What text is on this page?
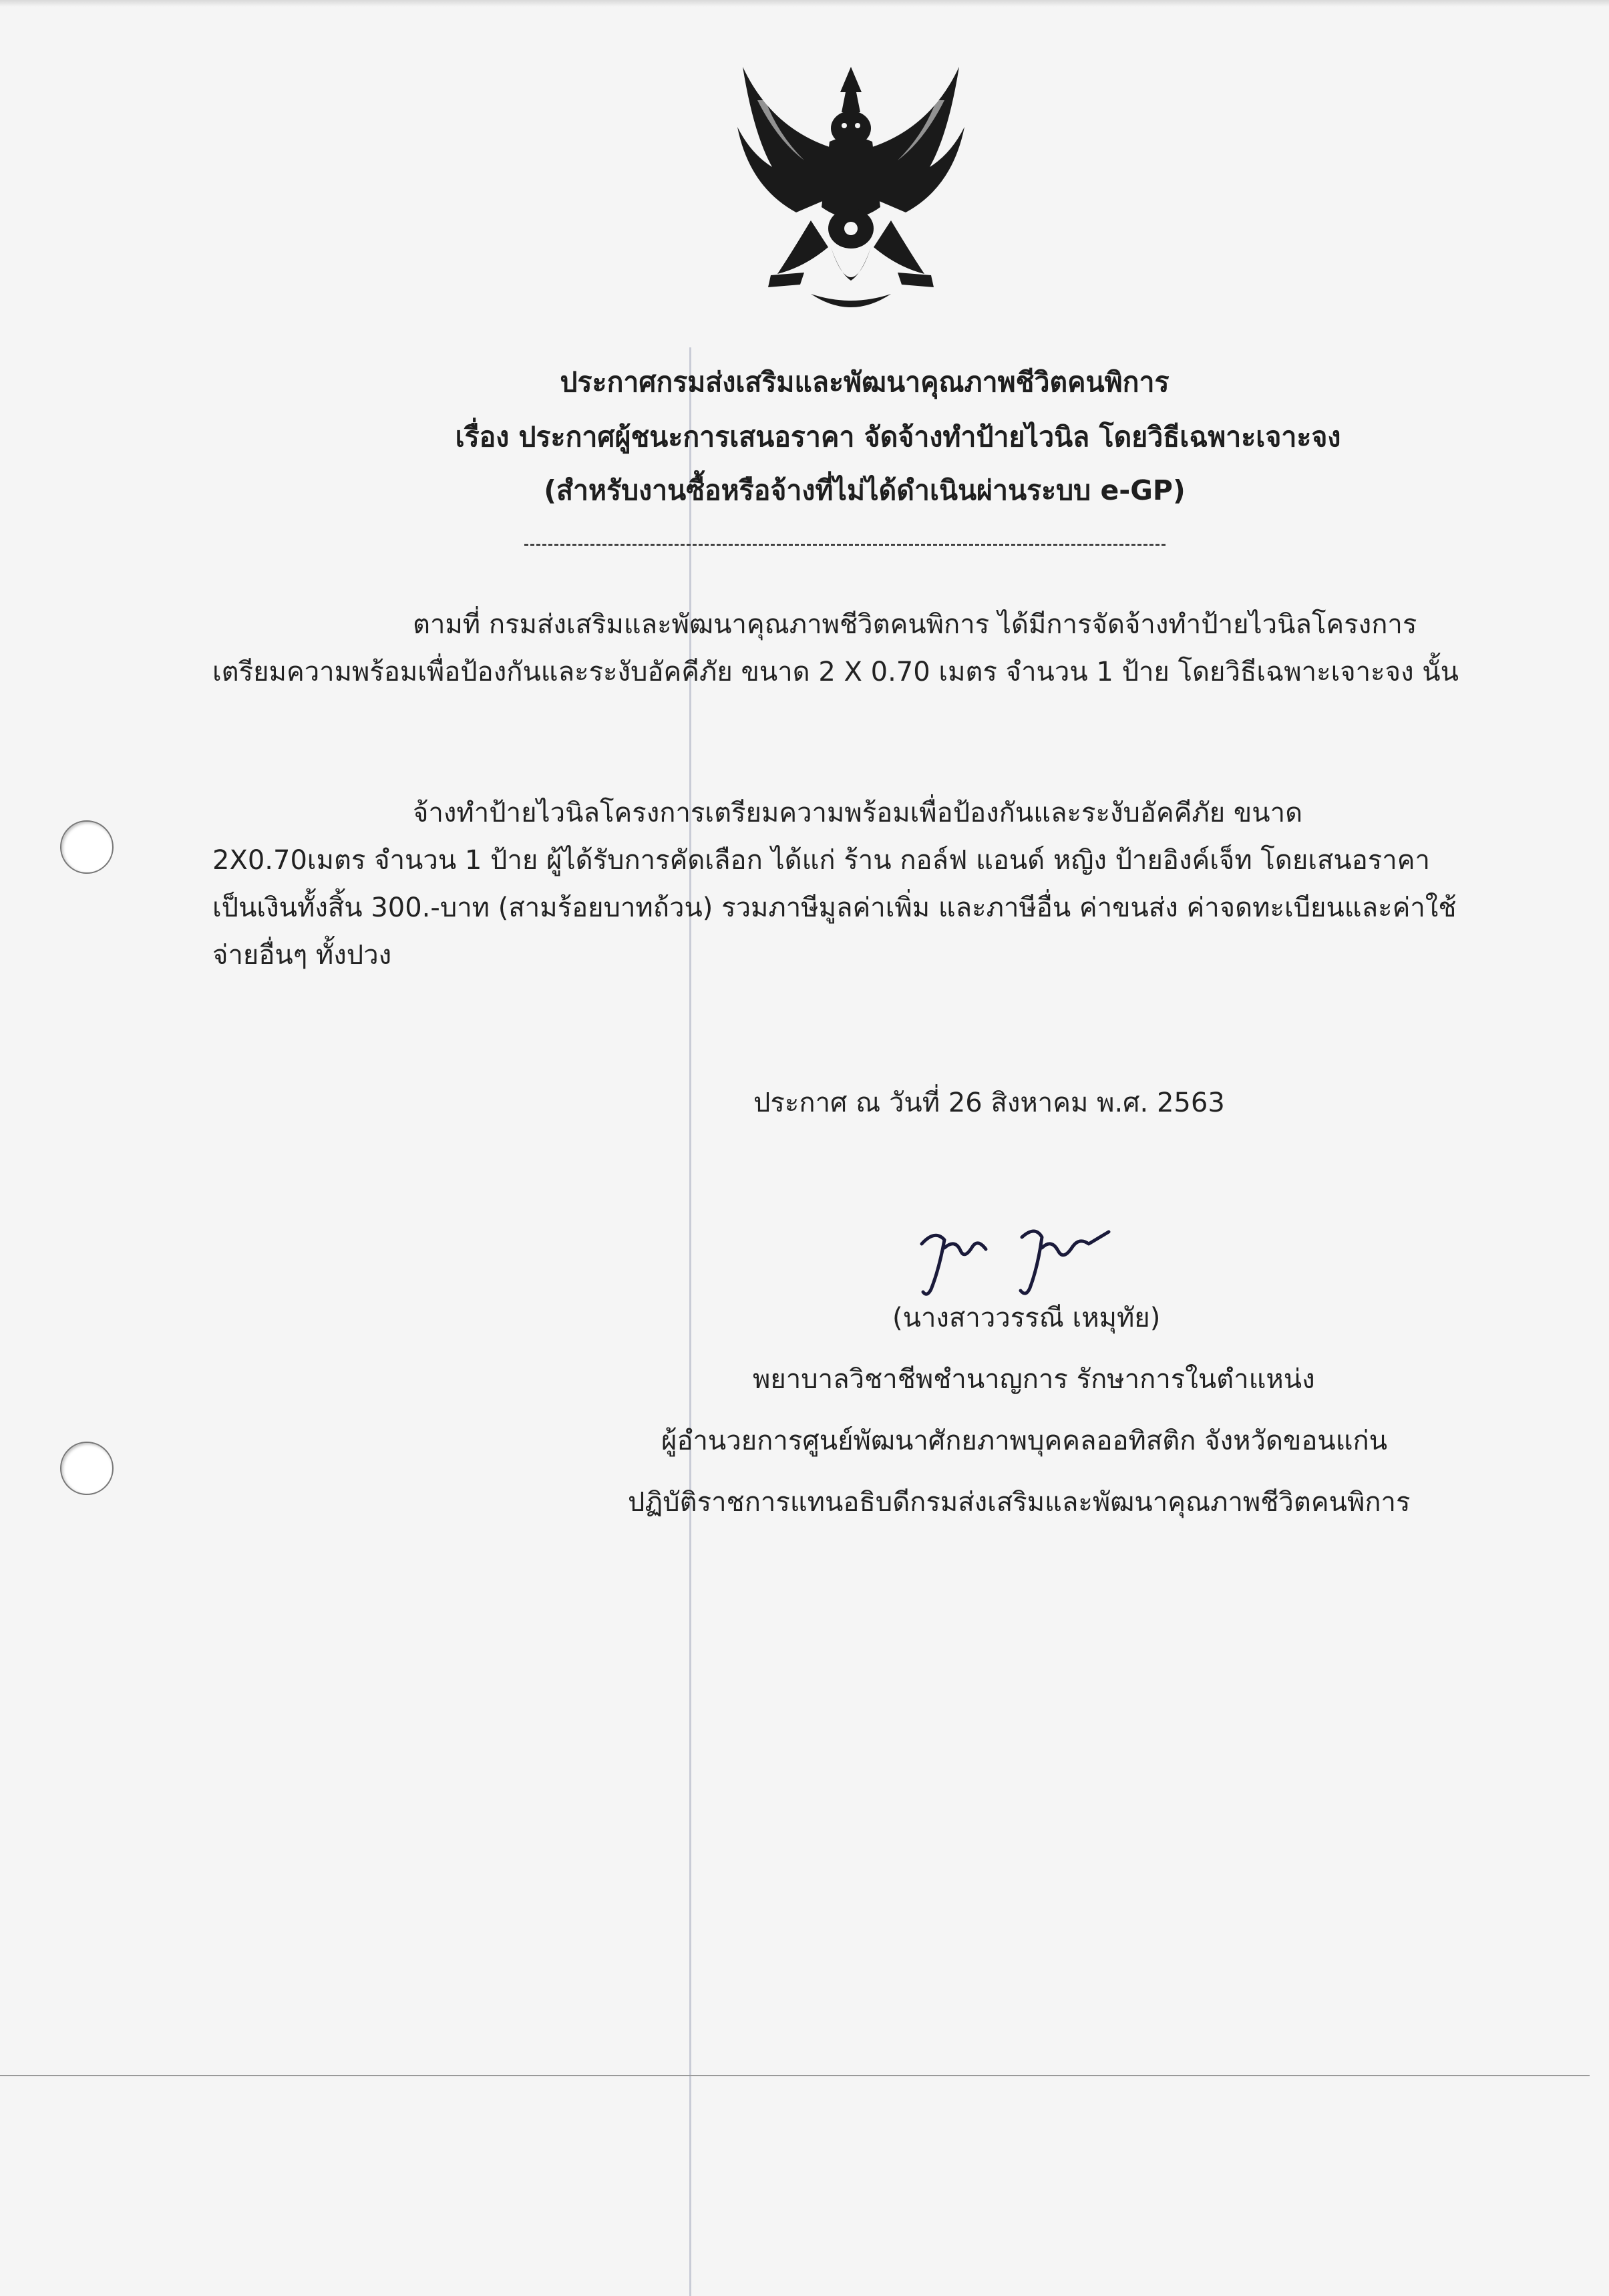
ประกาศกรมส่งเสริมและพัฒนาคุณภาพชีวิตคนพิการ
เรื่อง ประกาศผู้ชนะการเสนอราคา จัดจ้างทำป้ายไวนิล โดยวิธีเฉพาะเจาะจง
(สำหรับงานซื้อหรือจ้างที่ไม่ได้ดำเนินผ่านระบบ e-GP)
ตามที่ กรมส่งเสริมและพัฒนาคุณภาพชีวิตคนพิการ ได้มีการจัดจ้างทำป้ายไวนิลโครงการเตรียมความพร้อมเพื่อป้องกันและระงับอัคคีภัย ขนาด 2 X 0.70 เมตร จำนวน 1 ป้าย โดยวิธีเฉพาะเจาะจง นั้น
จ้างทำป้ายไวนิลโครงการเตรียมความพร้อมเพื่อป้องกันและระงับอัคคีภัย ขนาด 2X0.70เมตร จำนวน 1 ป้าย ผู้ได้รับการคัดเลือก ได้แก่ ร้าน กอล์ฟ แอนด์ หญิง ป้ายอิงค์เจ็ท โดยเสนอราคา เป็นเงินทั้งสิ้น 300.-บาท (สามร้อยบาทถ้วน) รวมภาษีมูลค่าเพิ่ม และภาษีอื่น ค่าขนส่ง ค่าจดทะเบียนและค่าใช้จ่ายอื่นๆ ทั้งปวง
ประกาศ ณ วันที่ 26 สิงหาคม พ.ศ. 2563
(นางสาววรรณี เหมุทัย)
พยาบาลวิชาชีพชำนาญการ รักษาการในตำแหน่ง
ผู้อำนวยการศูนย์พัฒนาศักยภาพบุคคลออทิสติก จังหวัดขอนแก่น
ปฏิบัติราชการแทนอธิบดีกรมส่งเสริมและพัฒนาคุณภาพชีวิตคนพิการ
